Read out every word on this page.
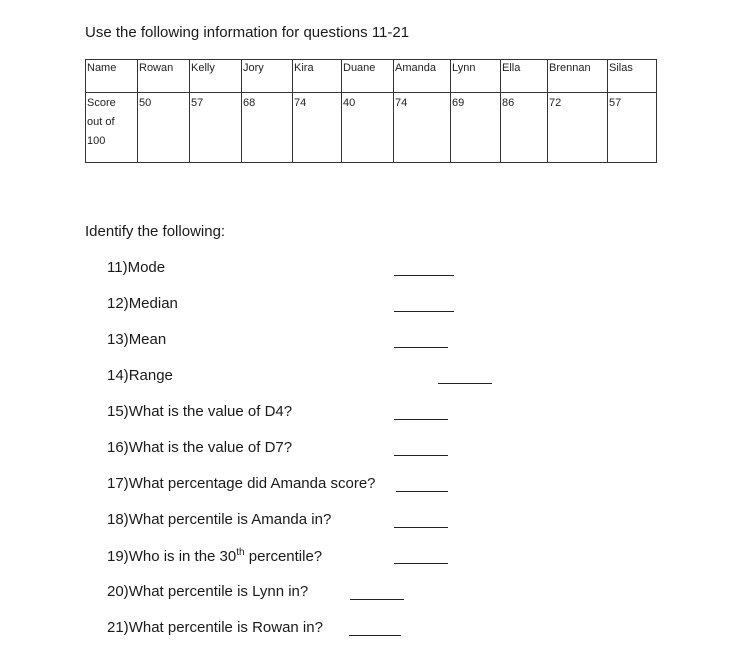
Use the following information for questions 11-21
Name	Rowan	Kelly	Jory	Kira	Duane	Amanda	Lynn	Ella	Brennan	Silas
Score
out of
100	50	57	68	74	40	74	69	86	72	57
Identify the following:
11)Mode
12)Median
13)Mean
14)Range
15)What is the value of D4?
16)What is the value of D7?
17)What percentage did Amanda score?
18)What percentile is Amanda in?
19)Who is in the 30th percentile?
20)What percentile is Lynn in?
21)What percentile is Rowan in?
